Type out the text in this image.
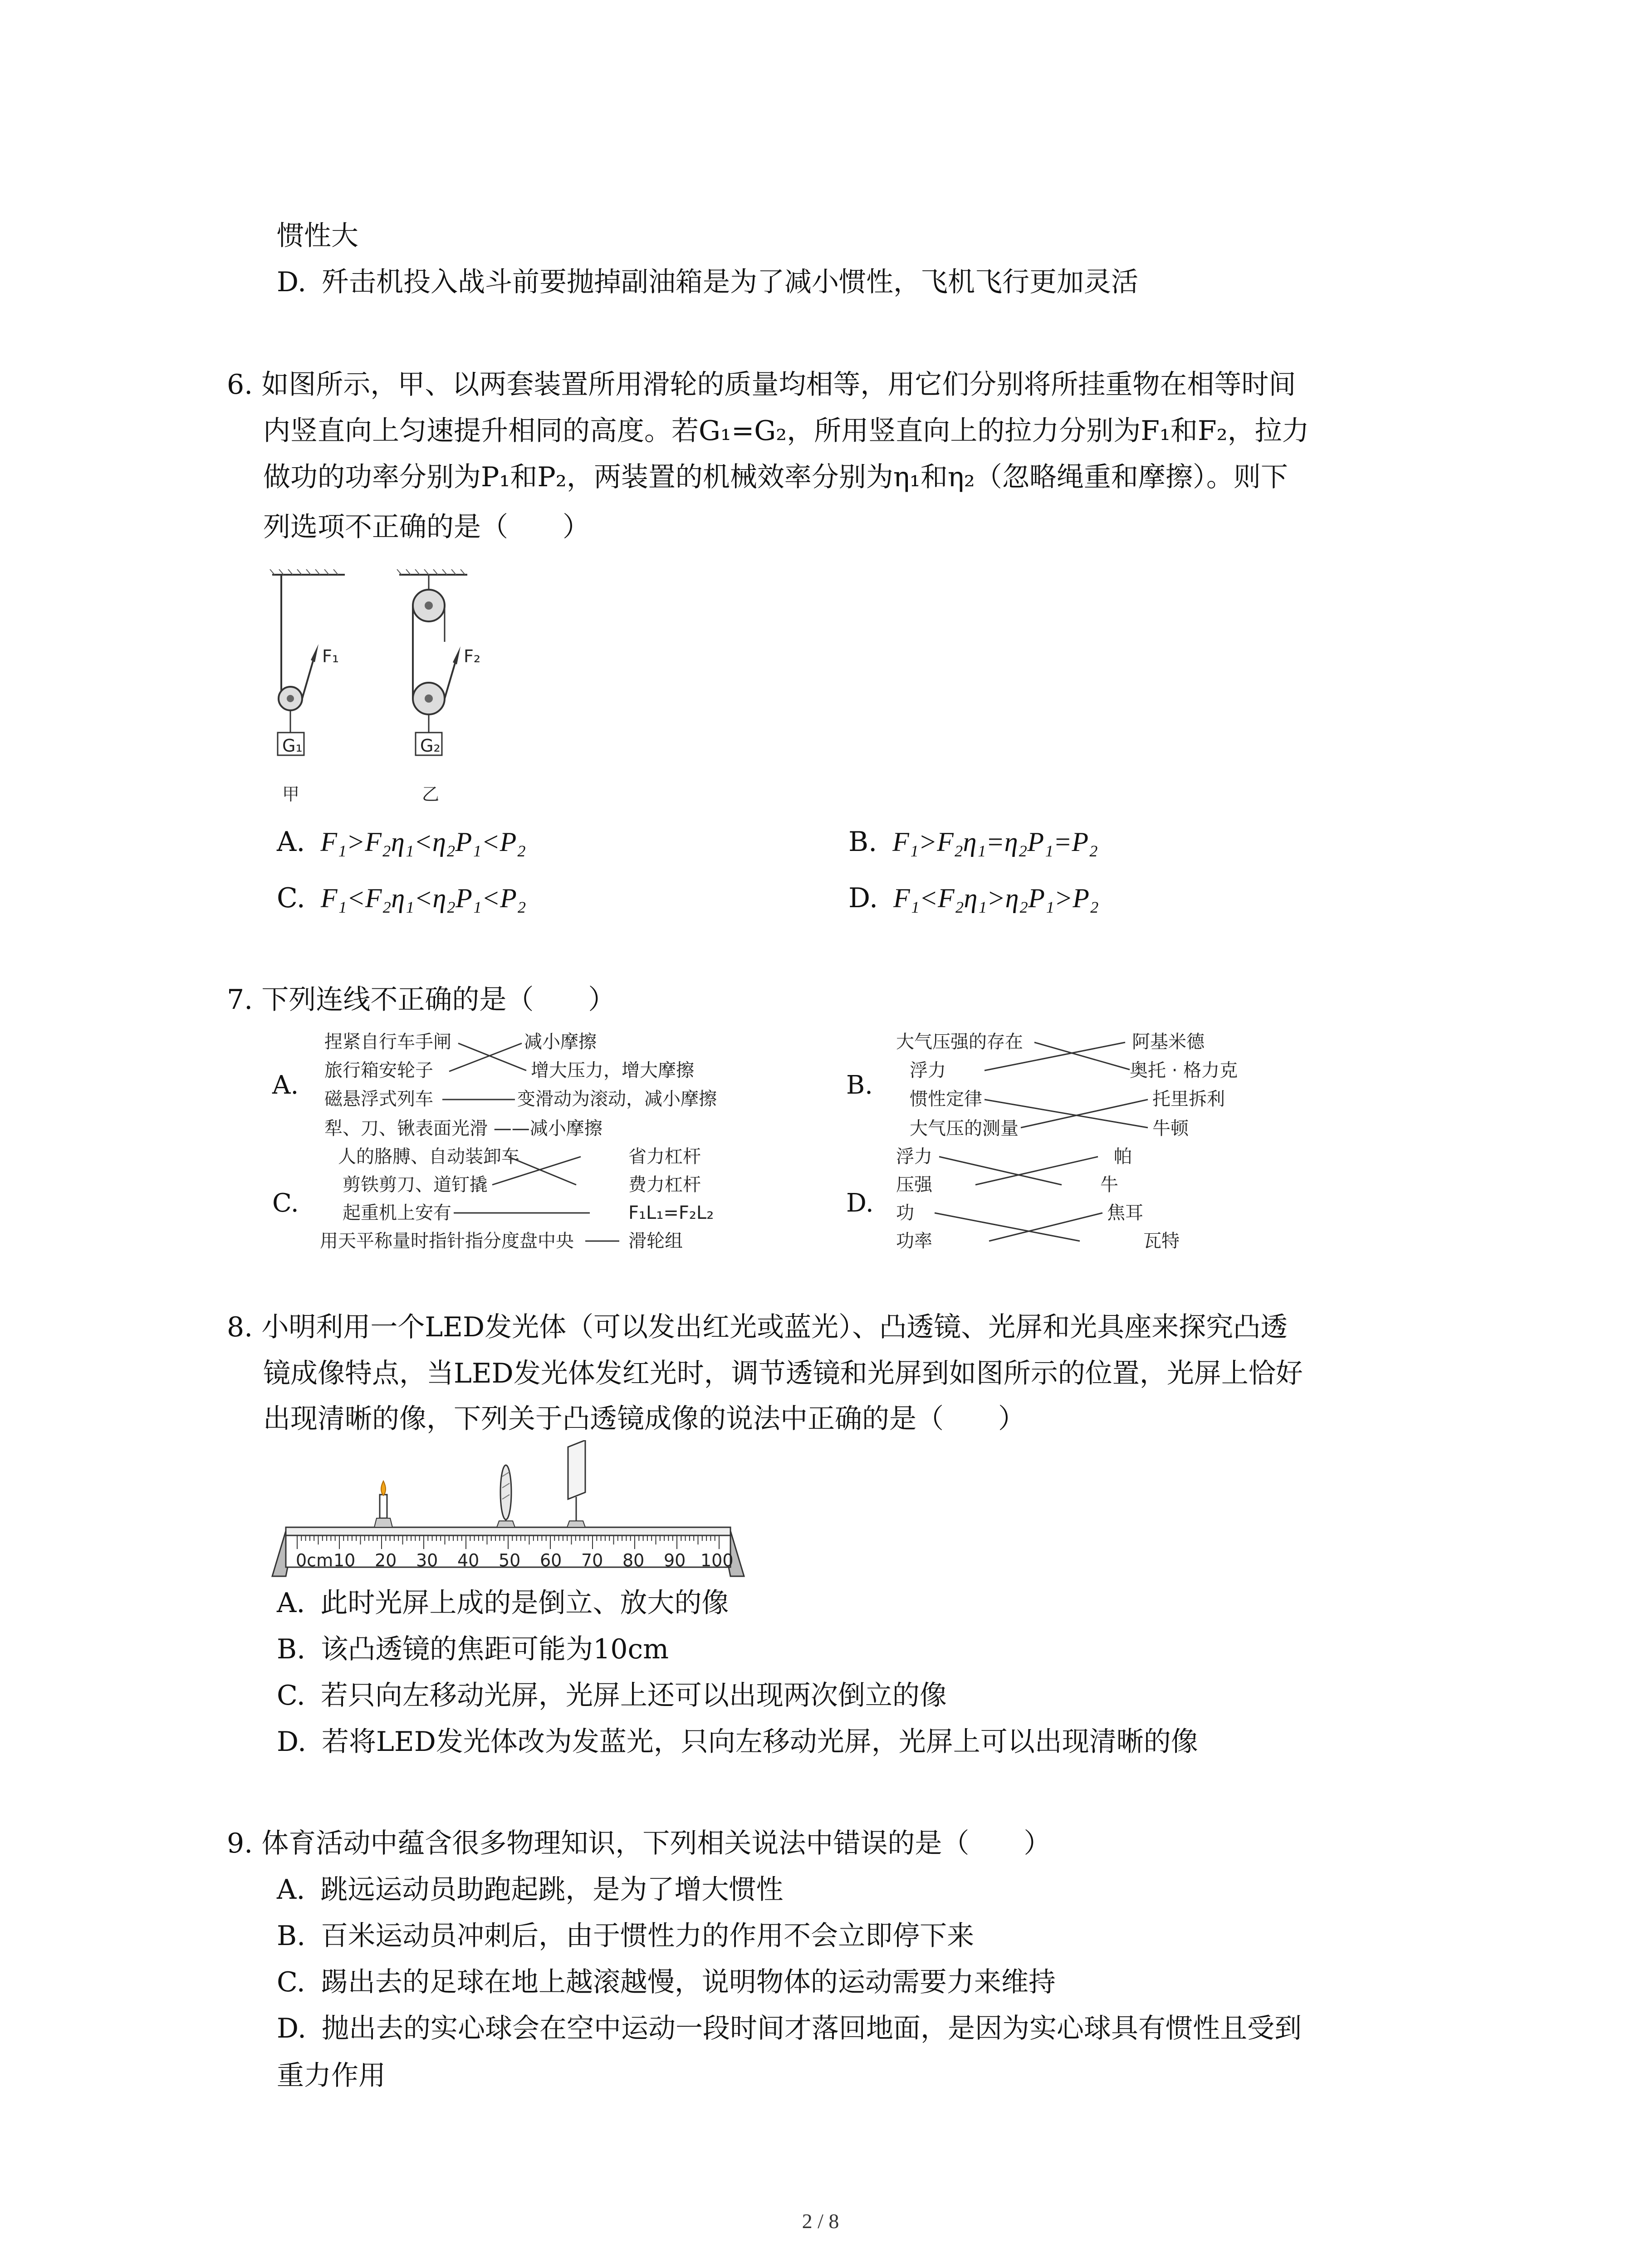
惯性大
D. 歼击机投入战斗前要抛掉副油箱是为了减小惯性，飞机飞行更加灵活
6. 如图所示，甲、以两套装置所用滑轮的质量均相等，用它们分别将所挂重物在相等时间
内竖直向上匀速提升相同的高度。若G₁=G₂，所用竖直向上的拉力分别为F₁和F₂，拉力
做功的功率分别为P₁和P₂，两装置的机械效率分别为η₁和η₂（忽略绳重和摩擦）。则下
列选项不正确的是（　　）
F₁	F₂
G₁	G₂
甲	乙
A. F₁>F₂η₁<η₂P₁<P₂	B. F₁>F₂η₁=η₂P₁=P₂
C. F₁<F₂η₁<η₂P₁<P₂	D. F₁<F₂η₁>η₂P₁>P₂
7. 下列连线不正确的是（　　）
A.
捏紧自行车手闸
旅行箱安轮子
磁悬浮式列车
犁、刀、锹表面光滑 ——减小摩擦
减小摩擦
增大压力，增大摩擦
变滑动为滚动，减小摩擦	B.
大气压强的存在
浮力
惯性定律
大气压的测量
阿基米德
奥托 · 格力克
托里拆利
牛顿
C.
人的胳膊、自动装卸车
剪铁剪刀、道钉撬
起重机上安有
用天平称量时指针指分度盘中央
省力杠杆
费力杠杆
F₁L₁=F₂L₂
滑轮组
D.
浮力
压强
功
功率
帕
牛
焦耳
瓦特
8. 小明利用一个LED发光体（可以发出红光或蓝光）、凸透镜、光屏和光具座来探究凸透
镜成像特点，当LED发光体发红光时，调节透镜和光屏到如图所示的位置，光屏上恰好
出现清晰的像，下列关于凸透镜成像的说法中正确的是（　　）
0cm 10 20 30 40 50 60 70 80 90 100
A. 此时光屏上成的是倒立、放大的像
B. 该凸透镜的焦距可能为10cm
C. 若只向左移动光屏，光屏上还可以出现两次倒立的像
D. 若将LED发光体改为发蓝光，只向左移动光屏，光屏上可以出现清晰的像
9. 体育活动中蕴含很多物理知识，下列相关说法中错误的是（　　）
A. 跳远运动员助跑起跳，是为了增大惯性
B. 百米运动员冲刺后，由于惯性力的作用不会立即停下来
C. 踢出去的足球在地上越滚越慢，说明物体的运动需要力来维持
D. 抛出去的实心球会在空中运动一段时间才落回地面，是因为实心球具有惯性且受到
重力作用
2 / 8
